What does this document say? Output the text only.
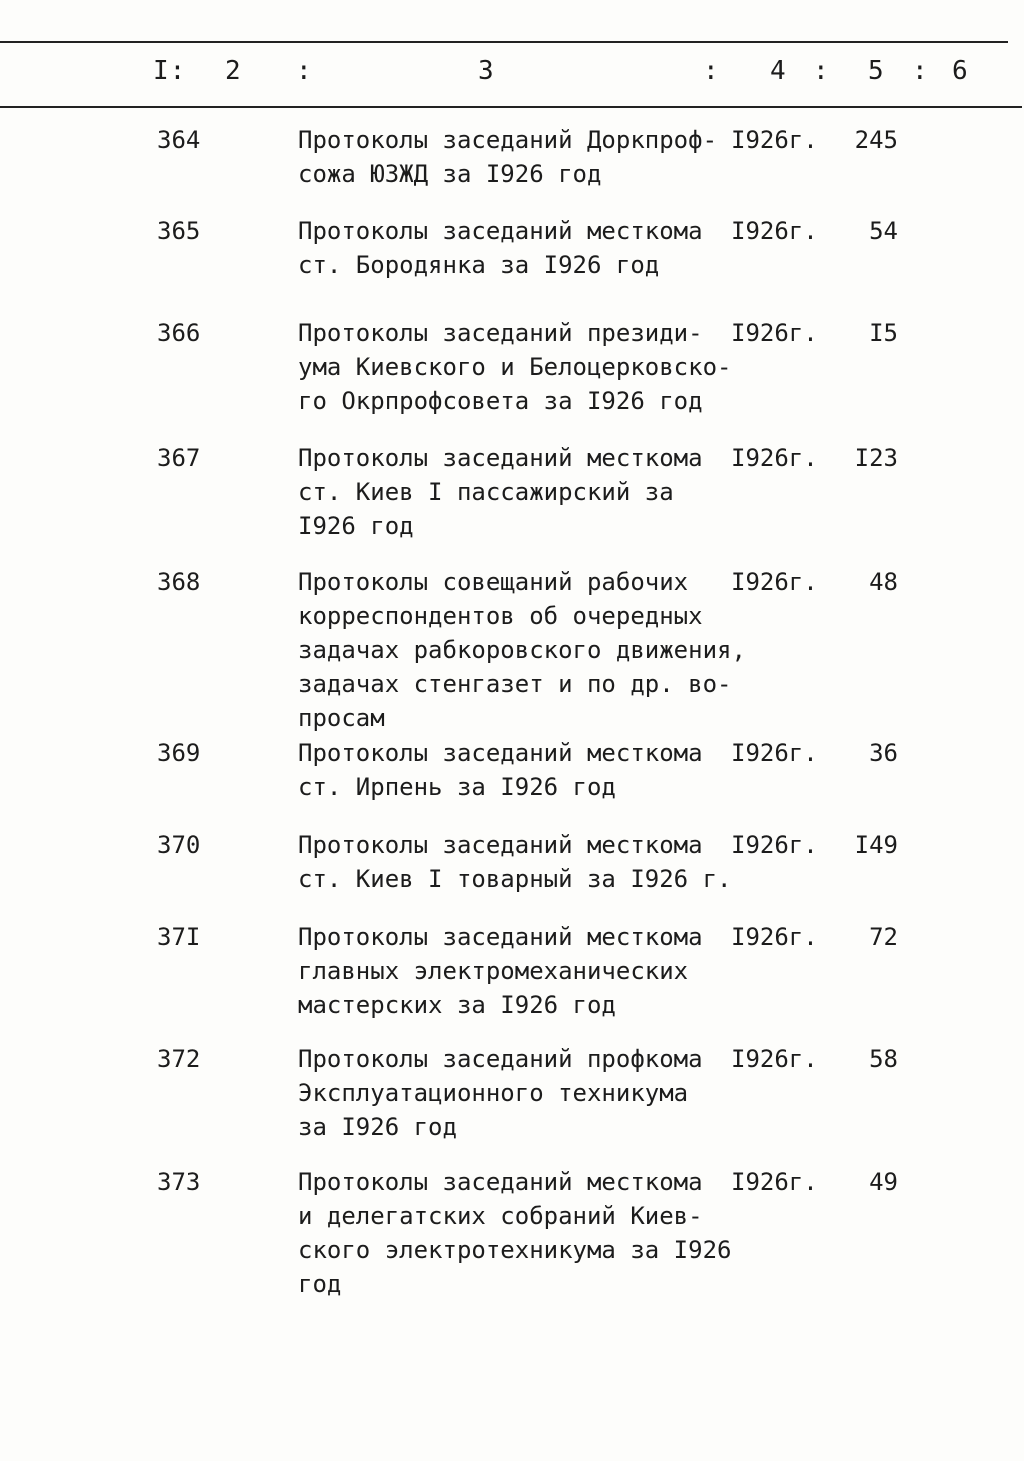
I: 2 :	3	: 4 : 5 : 6
364	Протоколы заседаний Доркпроф-
сожа ЮЗЖД за I926 год
I926г. 245
365	Протоколы заседаний месткома
ст. Бородянка за I926 год
I926г. 54
366	Протоколы заседаний президи-
ума Киевского и Белоцерковско-
го Окрпрофсовета за I926 год
I926г. I5
367	Протоколы заседаний месткома
ст. Киев I пассажирский за
I926 год
I926г. I23
368	Протоколы совещаний рабочих
корреспондентов об очередных
задачах рабкоровского движения,
задачах стенгазет и по др. во-
просам
I926г. 48
369	Протоколы заседаний месткома
ст. Ирпень за I926 год
I926г. 36
370	Протоколы заседаний месткома
ст. Киев I товарный за I926 г.
I926г. I49
37I	Протоколы заседаний месткома
главных электромеханических
мастерских за I926 год
I926г. 72
372	Протоколы заседаний профкома
Эксплуатационного техникума
за I926 год
I926г. 58
373	Протоколы заседаний месткома
и делегатских собраний Киев-
ского электротехникума за I926
год
I926г. 49
